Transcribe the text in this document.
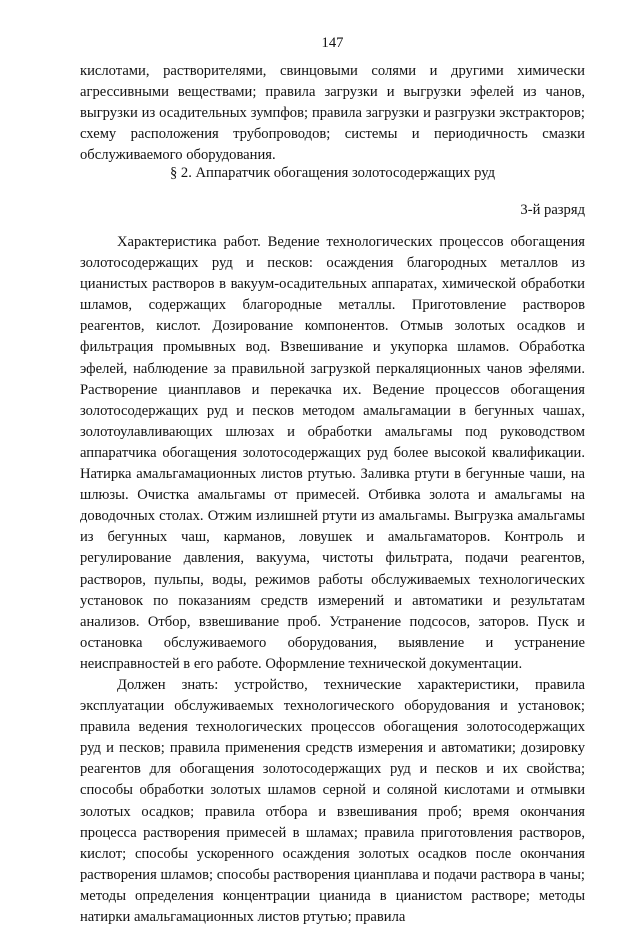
147

кислотами, растворителями, свинцовыми солями и другими химически агрессивными веществами; правила загрузки и выгрузки эфелей из чанов, выгрузки из осадительных зумпфов; правила загрузки и разгрузки экстракторов; схему расположения трубопроводов; системы и периодичность смазки обслуживаемого оборудования.

§ 2. Аппаратчик обогащения золотосодержащих руд
3-й разряд

Характеристика работ. Ведение технологических процессов обогащения золотосодержащих руд и песков: осаждения благородных металлов из цианистых растворов в вакуум-осадительных аппаратах, химической обработки шламов, содержащих благородные металлы. Приготовление растворов реагентов, кислот. Дозирование компонентов. Отмыв золотых осадков и фильтрация промывных вод. Взвешивание и укупорка шламов. Обработка эфелей, наблюдение за правильной загрузкой перкаляционных чанов эфелями. Растворение цианплавов и перекачка их. Ведение процессов обогащения золотосодержащих руд и песков методом амальгамации в бегунных чашах, золотоулавливающих шлюзах и обработки амальгамы под руководством аппаратчика обогащения золотосодержащих руд более высокой квалификации. Натирка амальгамационных листов ртутью. Заливка ртути в бегунные чаши, на шлюзы. Очистка амальгамы от примесей. Отбивка золота и амальгамы на доводочных столах. Отжим излишней ртути из амальгамы. Выгрузка амальгамы из бегунных чаш, карманов, ловушек и амальгаматоров. Контроль и регулирование давления, вакуума, чистоты фильтрата, подачи реагентов, растворов, пульпы, воды, режимов работы обслуживаемых технологических установок по показаниям средств измерений и автоматики и результатам анализов. Отбор, взвешивание проб. Устранение подсосов, заторов. Пуск и остановка обслуживаемого оборудования, выявление и устранение неисправностей в его работе. Оформление технической документации.

Должен знать: устройство, технические характеристики, правила эксплуатации обслуживаемых технологического оборудования и установок; правила ведения технологических процессов обогащения золотосодержащих руд и песков; правила применения средств измерения и автоматики; дозировку реагентов для обогащения золотосодержащих руд и песков и их свойства; способы обработки золотых шламов серной и соляной кислотами и отмывки золотых осадков; правила отбора и взвешивания проб; время окончания процесса растворения примесей в шламах; правила приготовления растворов, кислот; способы ускоренного осаждения золотых осадков после окончания растворения шламов; способы растворения цианплава и подачи раствора в чаны; методы определения концентрации цианида в цианистом растворе; методы натирки амальгамационных листов ртутью; правила
